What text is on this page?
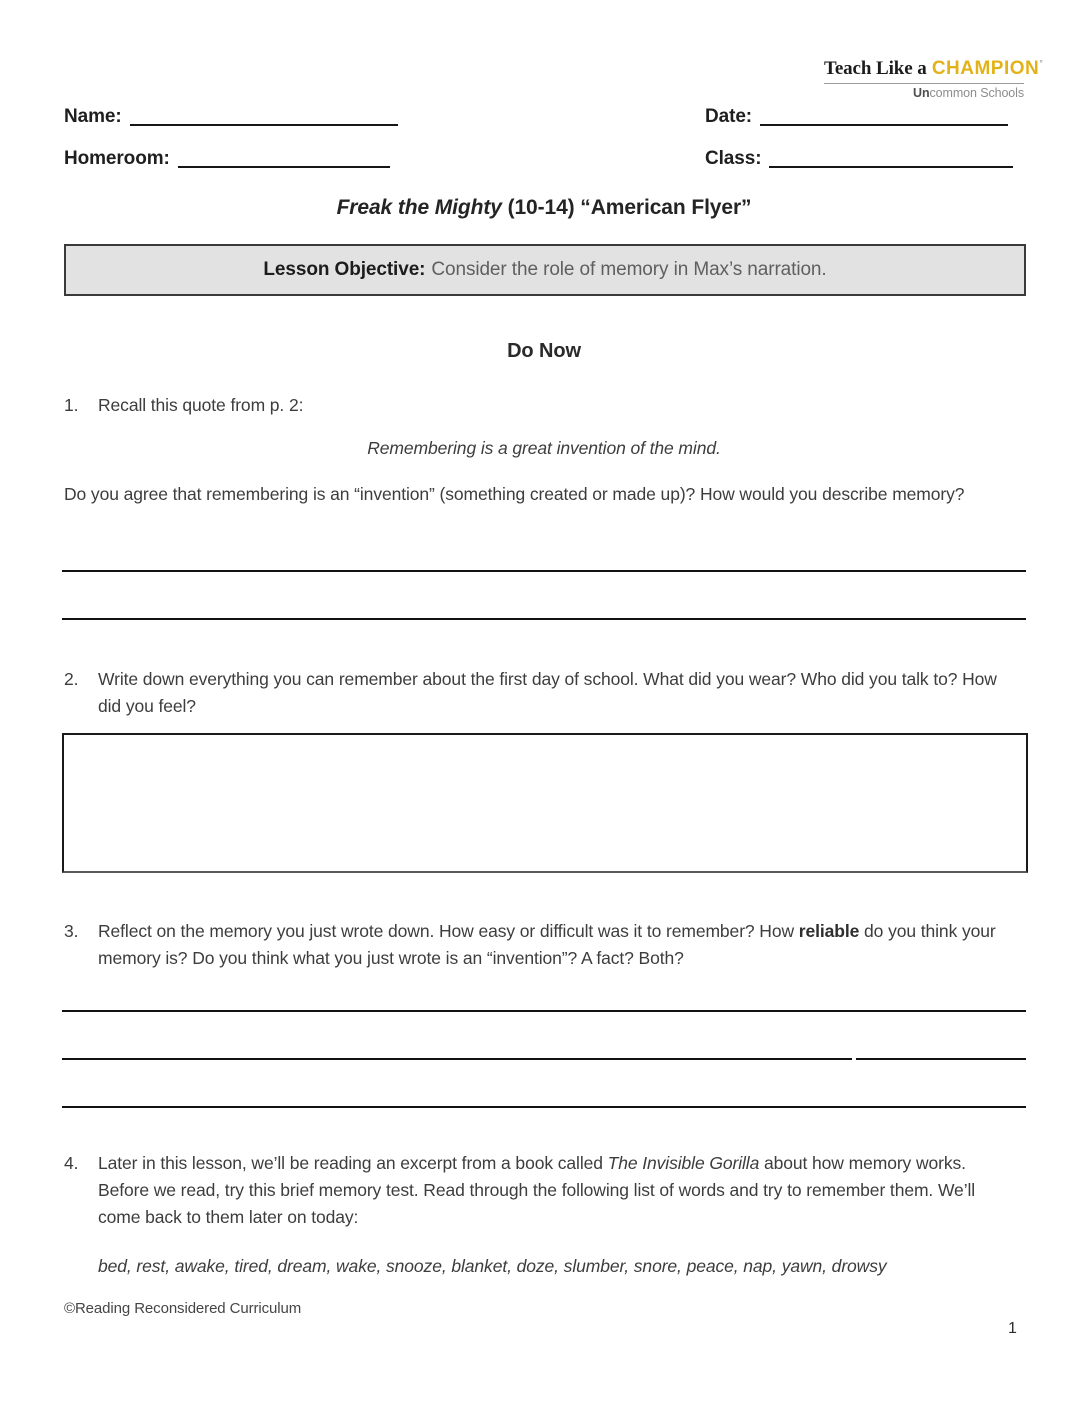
Teach Like a CHAMPION°
Uncommon Schools
Name:	Date:
Homeroom:	Class:
Freak the Mighty (10-14) “American Flyer”
Lesson Objective: Consider the role of memory in Max’s narration.
Do Now
1.	Recall this quote from p. 2:
Remembering is a great invention of the mind.
Do you agree that remembering is an “invention” (something created or made up)? How would you describe memory?
2.	Write down everything you can remember about the first day of school. What did you wear? Who did you talk to? How did you feel?
3.	Reflect on the memory you just wrote down. How easy or difficult was it to remember? How reliable do you think your memory is? Do you think what you just wrote is an “invention”? A fact? Both?
4.	Later in this lesson, we’ll be reading an excerpt from a book called The Invisible Gorilla about how memory works. Before we read, try this brief memory test. Read through the following list of words and try to remember them. We’ll come back to them later on today:
bed, rest, awake, tired, dream, wake, snooze, blanket, doze, slumber, snore, peace, nap, yawn, drowsy
©Reading Reconsidered Curriculum
1
